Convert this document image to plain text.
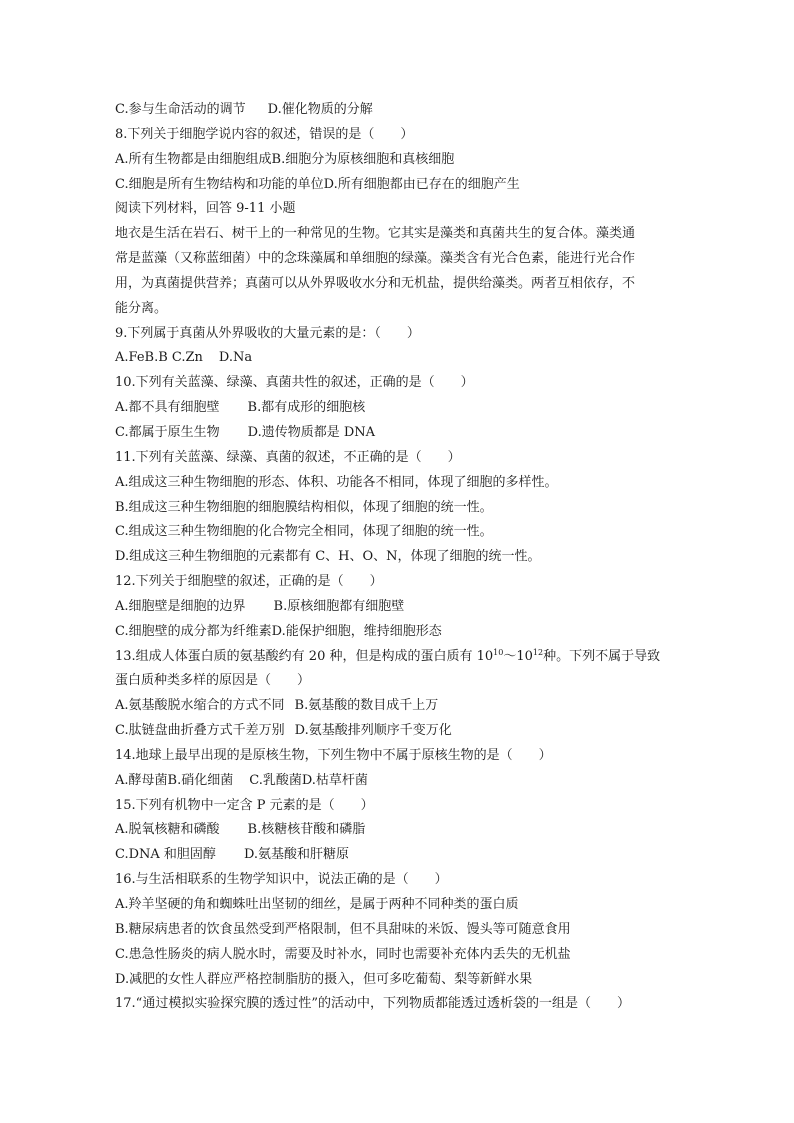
C.参与生命活动的调节 D.催化物质的分解
8.下列关于细胞学说内容的叙述，错误的是（　　）
A.所有生物都是由细胞组成B.细胞分为原核细胞和真核细胞
C.细胞是所有生物结构和功能的单位D.所有细胞都由已存在的细胞产生
阅读下列材料，回答 9-11 小题
地衣是生活在岩石、树干上的一种常见的生物。它其实是藻类和真菌共生的复合体。藻类通
常是蓝藻（又称蓝细菌）中的念珠藻属和单细胞的绿藻。藻类含有光合色素，能进行光合作
用，为真菌提供营养；真菌可以从外界吸收水分和无机盐，提供给藻类。两者互相依存，不
能分离。
9.下列属于真菌从外界吸收的大量元素的是：（　　）
A.FeB.B C.Zn D.Na
10.下列有关蓝藻、绿藻、真菌共性的叙述，正确的是（　　）
A.都不具有细胞壁 B.都有成形的细胞核
C.都属于原生生物 D.遗传物质都是 DNA
11.下列有关蓝藻、绿藻、真菌的叙述，不正确的是（　　）
A.组成这三种生物细胞的形态、体积、功能各不相同，体现了细胞的多样性。
B.组成这三种生物细胞的细胞膜结构相似，体现了细胞的统一性。
C.组成这三种生物细胞的化合物完全相同，体现了细胞的统一性。
D.组成这三种生物细胞的元素都有 C、H、O、N，体现了细胞的统一性。
12.下列关于细胞壁的叙述，正确的是（　　）
A.细胞壁是细胞的边界 B.原核细胞都有细胞壁
C.细胞壁的成分都为纤维素D.能保护细胞，维持细胞形态
13.组成人体蛋白质的氨基酸约有 20 种，但是构成的蛋白质有 $10^{10}\sim 10^{12}$种。下列不属于导致
蛋白质种类多样的原因是（　　）
A.氨基酸脱水缩合的方式不同 B.氨基酸的数目成千上万
C.肽链盘曲折叠方式千差万别 D.氨基酸排列顺序千变万化
14.地球上最早出现的是原核生物，下列生物中不属于原核生物的是（　　）
A.酵母菌B.硝化细菌 C.乳酸菌D.枯草杆菌
15.下列有机物中一定含 P 元素的是（　　）
A.脱氧核糖和磷酸 B.核糖核苷酸和磷脂
C.DNA 和胆固醇 D.氨基酸和肝糖原
16.与生活相联系的生物学知识中，说法正确的是（　　）
A.羚羊坚硬的角和蜘蛛吐出坚韧的细丝，是属于两种不同种类的蛋白质
B.糖尿病患者的饮食虽然受到严格限制，但不具甜味的米饭、馒头等可随意食用
C.患急性肠炎的病人脱水时，需要及时补水，同时也需要补充体内丢失的无机盐
D.减肥的女性人群应严格控制脂肪的摄入，但可多吃葡萄、梨等新鲜水果
17.“通过模拟实验探究膜的透过性”的活动中，下列物质都能透过透析袋的一组是（　　）
